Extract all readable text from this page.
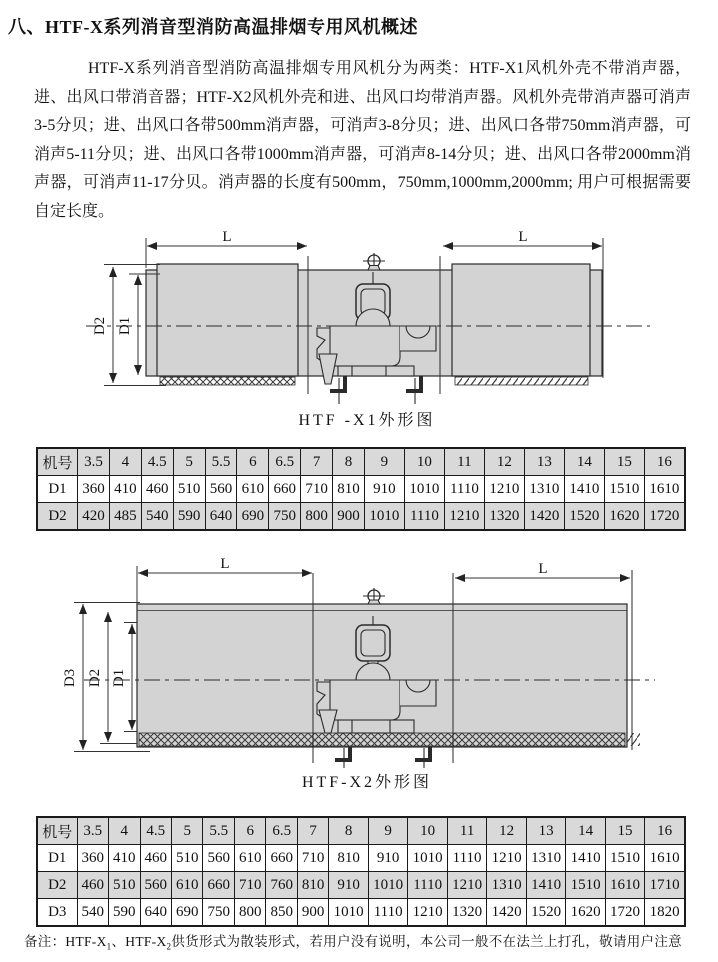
八、HTF-X系列消音型消防高温排烟专用风机概述
HTF-X系列消音型消防高温排烟专用风机分为两类：HTF-X1风机外壳不带消声器，进、出风口带消音器；HTF-X2风机外壳和进、出风口均带消声器。风机外壳带消声器可消声3-5分贝；进、出风口各带500mm消声器，可消声3-8分贝；进、出风口各带750mm消声器，可消声5-11分贝；进、出风口各带1000mm消声器，可消声8-14分贝；进、出风口各带2000mm消声器，可消声11-17分贝。消声器的长度有500mm，750mm,1000mm,2000mm; 用户可根据需要自定长度。
L	L
D2 D1
HTF -X1外形图
机号	3.5	4	4.5	5	5.5	6	6.5	7	8	9	10	11	12	13	14	15	16
D1	360	410	460	510	560	610	660	710	810	910	1010	1110	1210	1310	1410	1510	1610
D2	420	485	540	590	640	690	750	800	900	1010	1110	1210	1320	1420	1520	1620	1720
L	L
D3 D2 D1
HTF-X2外形图
机号	3.5	4	4.5	5	5.5	6	6.5	7	8	9	10	11	12	13	14	15	16
D1	360	410	460	510	560	610	660	710	810	910	1010	1110	1210	1310	1410	1510	1610
D2	460	510	560	610	660	710	760	810	910	1010	1110	1210	1310	1410	1510	1610	1710
D3	540	590	640	690	750	800	850	900	1010	1110	1210	1320	1420	1520	1620	1720	1820
备注：HTF-$X_1$、HTF-$X_2$供货形式为散装形式，若用户没有说明，本公司一般不在法兰上打孔，敬请用户注意
